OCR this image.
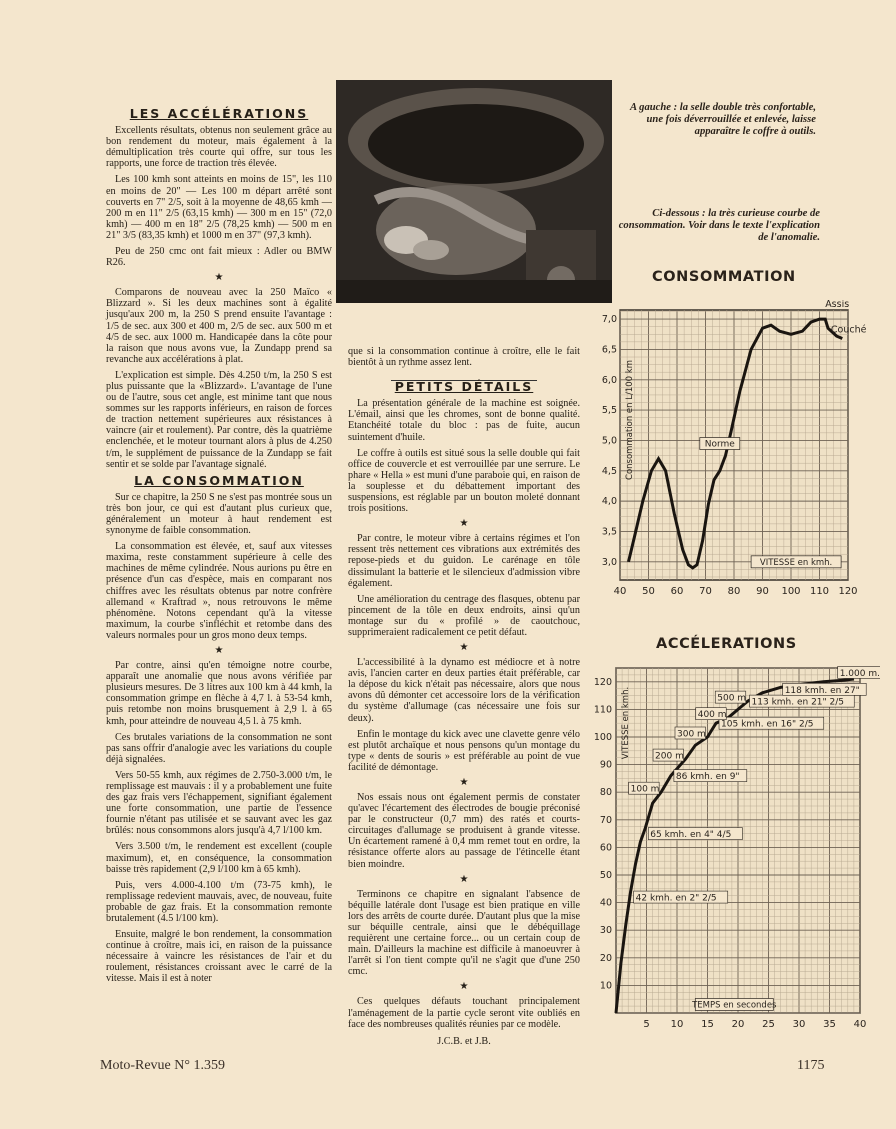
LES ACCÉLÉRATIONS

Excellents résultats, obtenus non seulement grâce au bon rendement du moteur, mais également à la démultiplication très courte qui offre, sur tous les rapports, une force de traction très élevée.

Les 100 kmh sont atteints en moins de 15", les 110 en moins de 20" — Les 100 m départ arrêté sont couverts en 7" 2/5, soit à la moyenne de 48,65 kmh — 200 m en 11" 2/5 (63,15 kmh) — 300 m en 15" (72,0 kmh) — 400 m en 18" 2/5 (78,25 kmh) — 500 m en 21" 3/5 (83,35 kmh) et 1000 m en 37" (97,3 kmh).

Peu de 250 cmc ont fait mieux : Adler ou BMW R26.

★

Comparons de nouveau avec la 250 Maïco « Blizzard ». Si les deux machines sont à égalité jusqu'aux 200 m, la 250 S prend ensuite l'avantage : 1/5 de sec. aux 300 et 400 m, 2/5 de sec. aux 500 m et 4/5 de sec. aux 1000 m. Handicapée dans la côte pour la raison que nous avons vue, la Zundapp prend sa revanche aux accélérations à plat.

L'explication est simple. Dès 4.250 t/m, la 250 S est plus puissante que la «Blizzard». L'avantage de l'une ou de l'autre, sous cet angle, est minime tant que nous sommes sur les rapports inférieurs, en raison de forces de traction nettement supérieures aux résistances à vaincre (air et roulement). Par contre, dès la quatrième enclenchée, et le moteur tournant alors à plus de 4.250 t/m, le supplément de puissance de la Zundapp se fait sentir et se solde par l'avantage signalé.

LA CONSOMMATION

Sur ce chapitre, la 250 S ne s'est pas montrée sous un très bon jour, ce qui est d'autant plus curieux que, généralement un moteur à haut rendement est synonyme de faible consommation.

La consommation est élevée, et, sauf aux vitesses maxima, reste constamment supérieure à celle des machines de même cylindrée. Nous aurions pu être en présence d'un cas d'espèce, mais en comparant nos chiffres avec les résultats obtenus par notre confrère allemand « Kraftrad », nous retrouvons le même phénomène. Notons cependant qu'à la vitesse maximum, la courbe s'infléchit et retombe dans des valeurs normales pour un gros mono deux temps.

★

Par contre, ainsi qu'en témoigne notre courbe, apparaît une anomalie que nous avons vérifiée par plusieurs mesures. De 3 litres aux 100 km à 44 kmh, la consommation grimpe en flèche à 4,7 l. à 53-54 kmh, puis retombe non moins brusquement à 2,9 l. à 65 kmh, pour atteindre de nouveau 4,5 l. à 75 kmh.

Ces brutales variations de la consommation ne sont pas sans offrir d'analogie avec les variations du couple déjà signalées.

Vers 50-55 kmh, aux régimes de 2.750-3.000 t/m, le remplissage est mauvais : il y a probablement une fuite des gaz frais vers l'échappement, signifiant également une forte consommation, une partie de l'essence fournie n'étant pas utilisée et se sauvant avec les gaz brûlés: nous consommons alors jusqu'à 4,7 l/100 km.

Vers 3.500 t/m, le rendement est excellent (couple maximum), et, en conséquence, la consommation baisse très rapidement (2,9 l/100 km à 65 kmh).

Puis, vers 4.000-4.100 t/m (73-75 kmh), le remplissage redevient mauvais, avec, de nouveau, fuite probable de gaz frais. Et la consommation remonte brutalement (4.5 l/100 km).

Ensuite, malgré le bon rendement, la consommation continue à croître, mais ici, en raison de la puissance nécessaire à vaincre les résistances de l'air et du roulement, résistances croissant avec le carré de la vitesse. Mais il est à noter

A gauche : la selle double très confortable, une fois déverrouillée et enlevée, laisse apparaître le coffre à outils.
Ci-dessous : la très curieuse courbe de consommation. Voir dans le texte l'explication de l'anomalie.

que si la consommation continue à croître, elle le fait bientôt à un rythme assez lent.

PETITS DÉTAILS

La présentation générale de la machine est soignée. L'émail, ainsi que les chromes, sont de bonne qualité. Etanchéité totale du bloc : pas de fuite, aucun suintement d'huile.

Le coffre à outils est situé sous la selle double qui fait office de couvercle et est verrouillée par une serrure. Le phare « Hella » est muni d'une paraboie qui, en raison de la souplesse et du débattement important des suspensions, est réglable par un bouton moleté donnant trois positions.

★

Par contre, le moteur vibre à certains régimes et l'on ressent très nettement ces vibrations aux extrémités des repose-pieds et du guidon. Le carénage en tôle dissimulant la batterie et le silencieux d'admission vibre également.

Une amélioration du centrage des flasques, obtenu par pincement de la tôle en deux endroits, ainsi qu'un montage sur du « profilé » de caoutchouc, supprimeraient radicalement ce petit défaut.

★

L'accessibilité à la dynamo est médiocre et à notre avis, l'ancien carter en deux parties était préférable, car la dépose du kick n'était pas nécessaire, alors que nous avons dû démonter cet accessoire lors de la vérification du système d'allumage (cas nécessaire une fois sur deux).

Enfin le montage du kick avec une clavette genre vélo est plutôt archaïque et nous pensons qu'un montage du type « dents de souris » est préférable au point de vue facilité de démontage.

★

Nos essais nous ont également permis de constater qu'avec l'écartement des électrodes de bougie préconisé par le constructeur (0,7 mm) des ratés et courts-circuitages d'allumage se produisent à grande vitesse. Un écartement ramené à 0,4 mm remet tout en ordre, la résistance offerte alors au passage de l'étincelle étant bien moindre.

★

Terminons ce chapitre en signalant l'absence de béquille latérale dont l'usage est bien pratique en ville lors des arrêts de courte durée. D'autant plus que la mise sur béquille centrale, ainsi que le débéquillage requièrent une certaine force... ou un certain coup de main. D'ailleurs la machine est difficile à manoeuvrer à l'arrêt si l'on tient compte qu'il ne s'agit que d'une 250 cmc.

★

Ces quelques défauts touchant principalement l'aménagement de la partie cycle seront vite oubliés en face des nombreuses qualités réunies par ce modèle.

J.C.B. et J.B.

CONSOMMATION
40 50 60 70 80 90 100 110 120
3,0
3,5
4,0
4,5
5,0
5,5
6,0
6,5
7,0
Consommation en L/100 km
VITESSE en kmh.
Norme
Assis
Couché
ACCÉLERATIONS
5 10 15 20 25 30 35 40
10
20
30
40
50
60
70
80
90
100
110
120
VITESSE en kmh.
TEMPS en secondes
42 kmh. en 2" 2/5
65 kmh. en 4" 4/5
86 kmh. en 9"
105 kmh. en 16" 2/5
113 kmh. en 21" 2/5
118 kmh. en 27"
100 m
200 m
300 m
400 m
500 m
1.000 m.
Moto-Revue N° 1.359	1175
